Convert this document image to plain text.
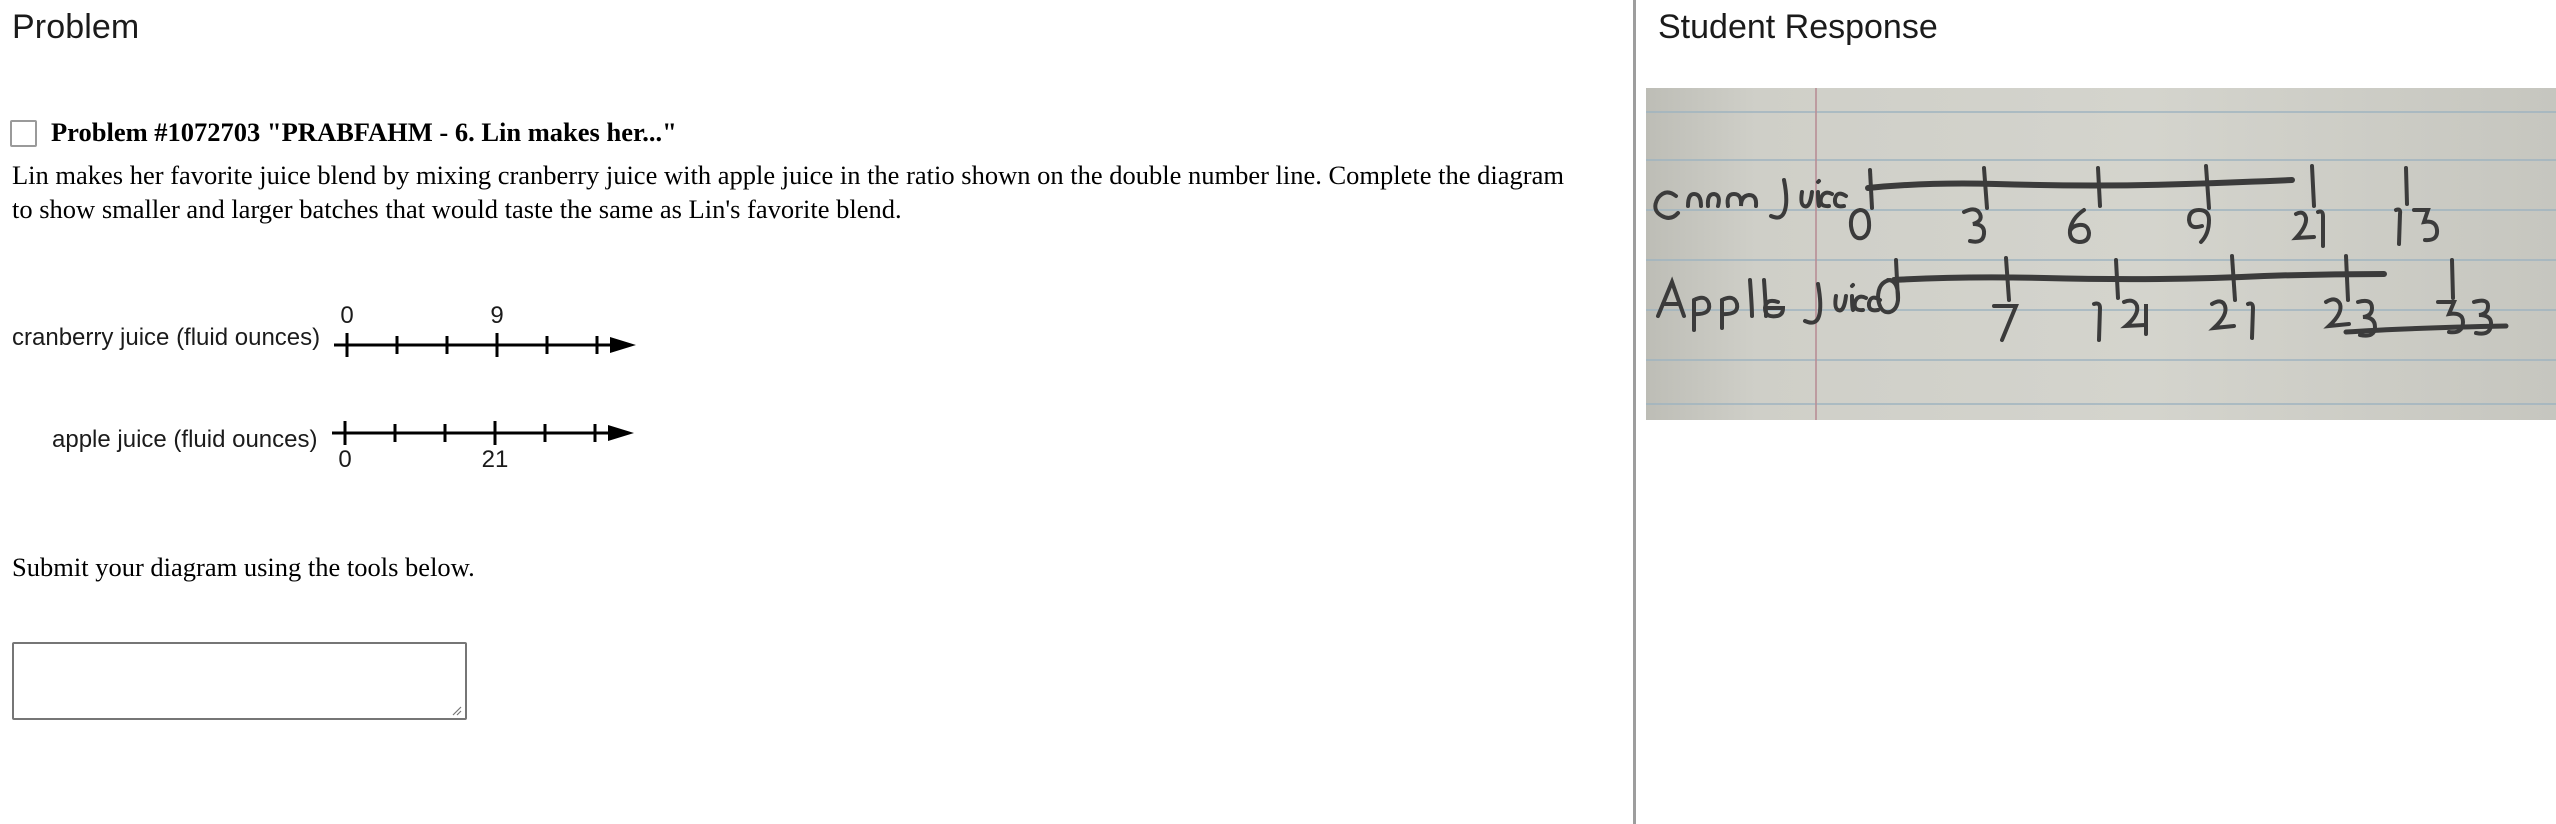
Problem
Problem #1072703 "PRABFAHM - 6. Lin makes her..."
Lin makes her favorite juice blend by mixing cranberry juice with apple juice in the ratio shown on the double number line. Complete the diagram to show smaller and larger batches that would taste the same as Lin's favorite blend.
cranberry juice (fluid ounces)
0	9
apple juice (fluid ounces)
0	21
Submit your diagram using the tools below.
Student Response
